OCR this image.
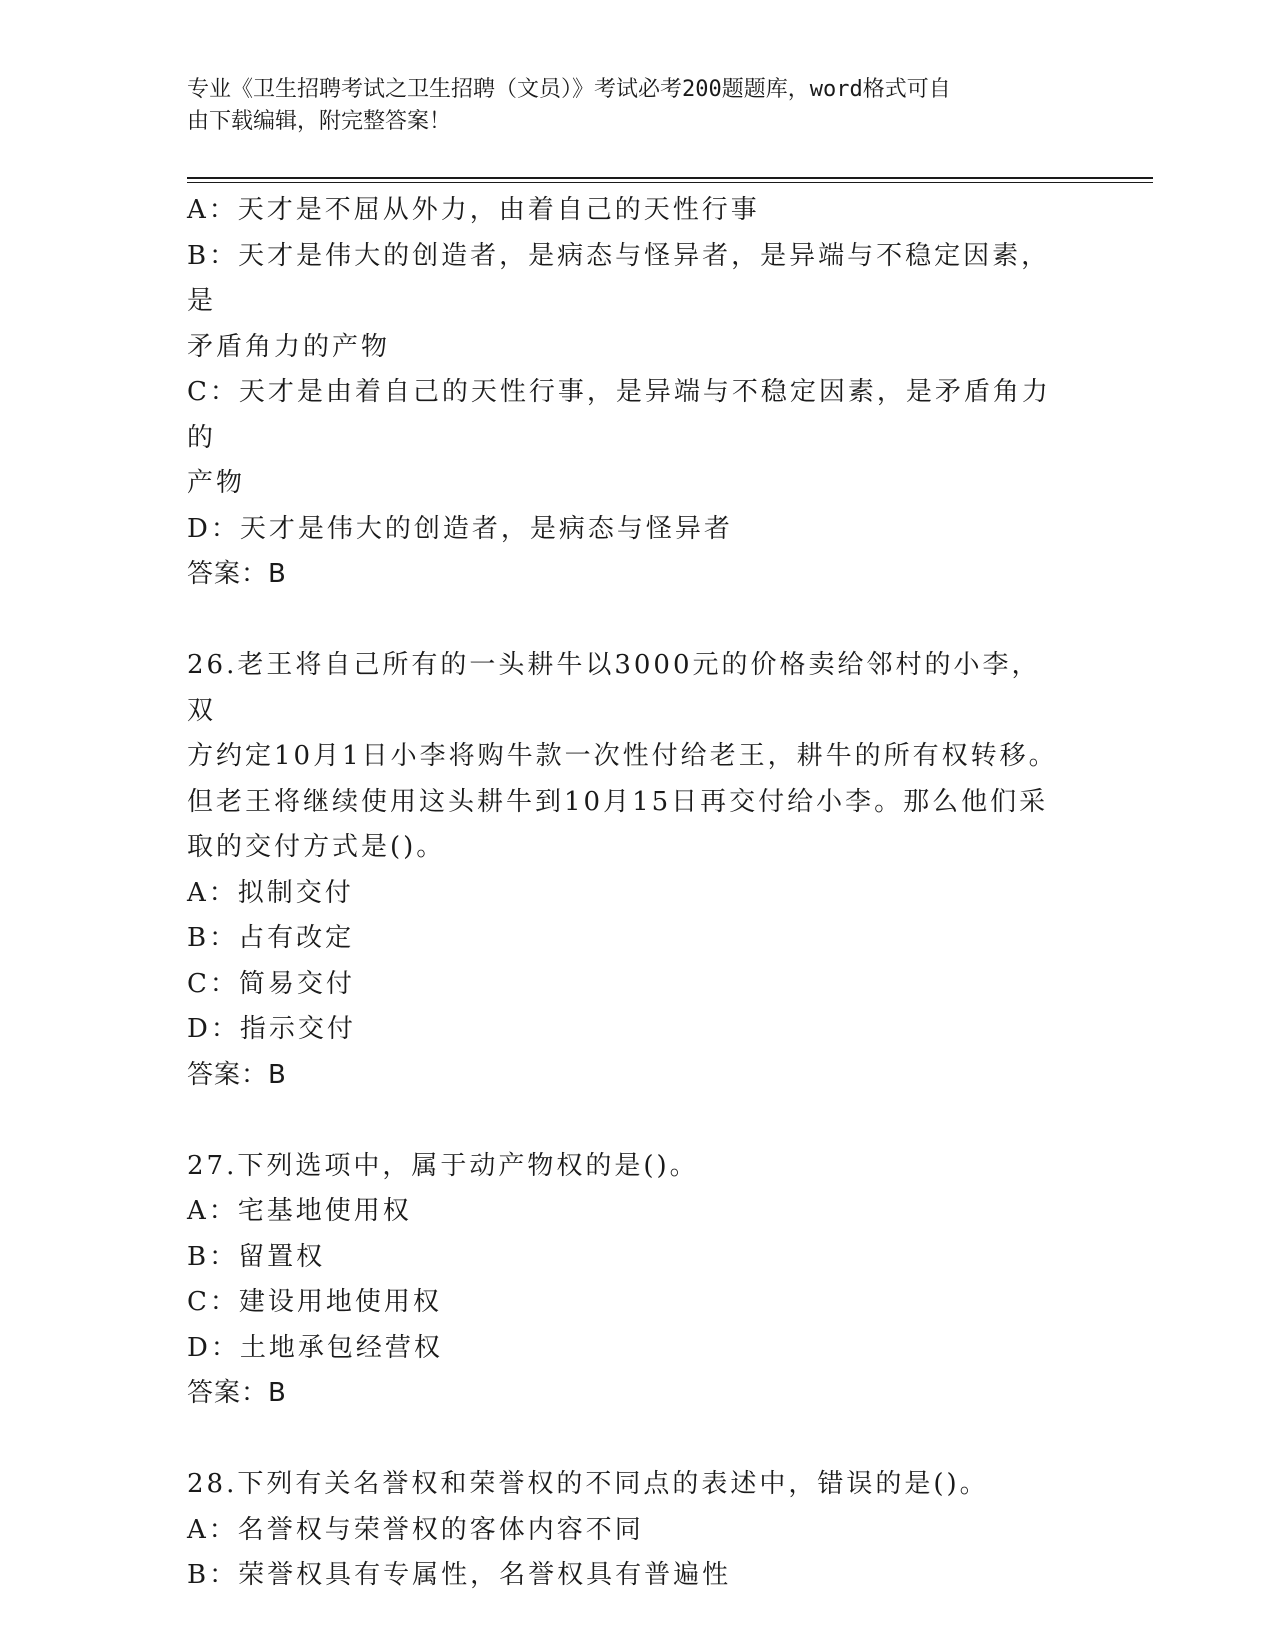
专业《卫生招聘考试之卫生招聘（文员）》考试必考200题题库，word格式可自
由下载编辑，附完整答案！
A：天才是不屈从外力，由着自己的天性行事
B：天才是伟大的创造者，是病态与怪异者，是异端与不稳定因素，是
矛盾角力的产物
C：天才是由着自己的天性行事，是异端与不稳定因素，是矛盾角力的
产物
D：天才是伟大的创造者，是病态与怪异者
答案：B
26.老王将自己所有的一头耕牛以3000元的价格卖给邻村的小李，双
方约定10月1日小李将购牛款一次性付给老王，耕牛的所有权转移。
但老王将继续使用这头耕牛到10月15日再交付给小李。那么他们采
取的交付方式是()。
A：拟制交付
B：占有改定
C：简易交付
D：指示交付
答案：B
27.下列选项中，属于动产物权的是()。
A：宅基地使用权
B：留置权
C：建设用地使用权
D：土地承包经营权
答案：B
28.下列有关名誉权和荣誉权的不同点的表述中，错误的是()。
A：名誉权与荣誉权的客体内容不同
B：荣誉权具有专属性，名誉权具有普遍性
